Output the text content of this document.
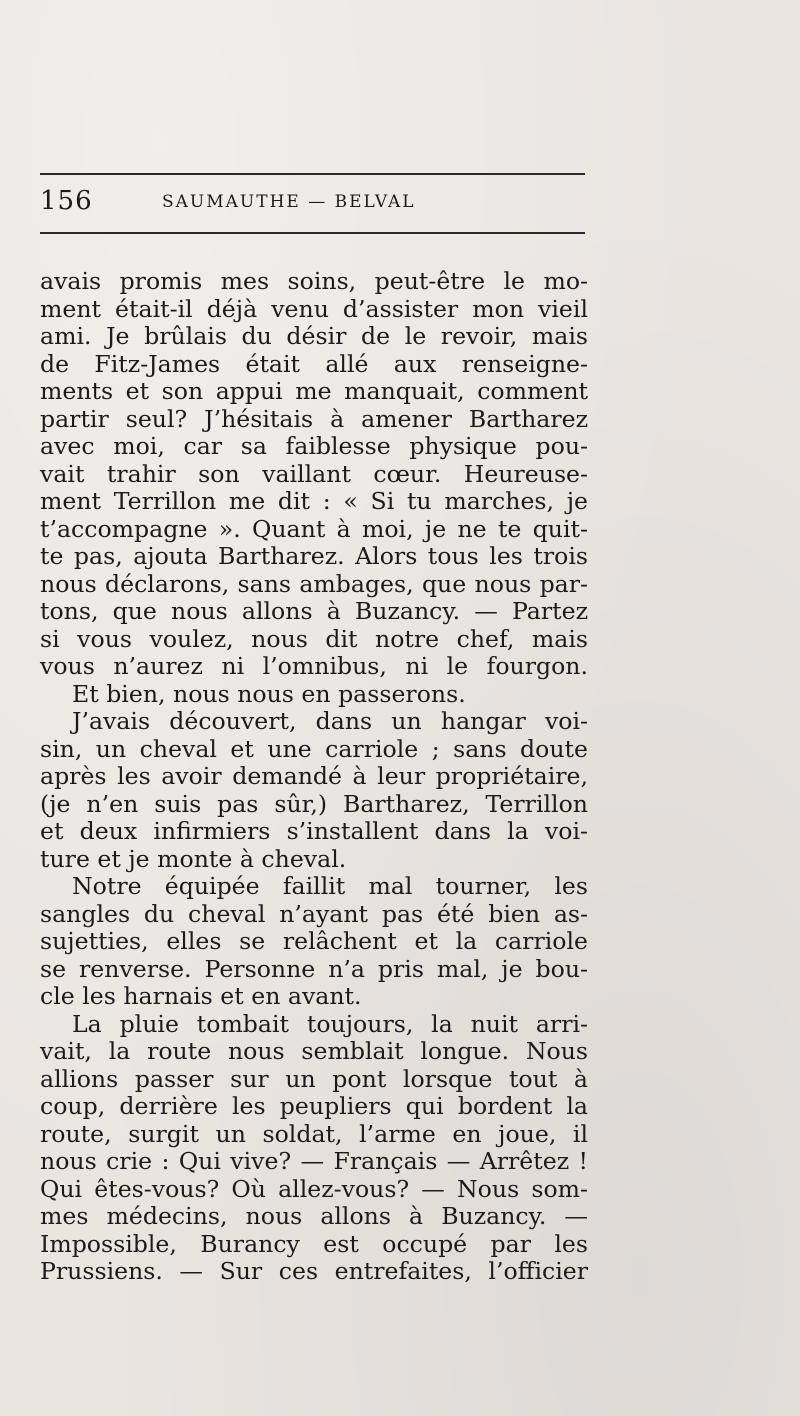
156	SAUMAUTHE — BELVAL
avais promis mes soins, peut-être le mo-
ment était-il déjà venu d’assister mon vieil
ami. Je brûlais du désir de le revoir, mais
de Fitz-James était allé aux renseigne-
ments et son appui me manquait, comment
partir seul? J’hésitais à amener Bartharez
avec moi, car sa faiblesse physique pou-
vait trahir son vaillant cœur. Heureuse-
ment Terrillon me dit : « Si tu marches, je
t’accompagne ». Quant à moi, je ne te quit-
te pas, ajouta Bartharez. Alors tous les trois
nous déclarons, sans ambages, que nous par-
tons, que nous allons à Buzancy. — Partez
si vous voulez, nous dit notre chef, mais
vous n’aurez ni l’omnibus, ni le fourgon.
Et bien, nous nous en passerons.
J’avais découvert, dans un hangar voi-
sin, un cheval et une carriole ; sans doute
après les avoir demandé à leur propriétaire,
(je n’en suis pas sûr,) Bartharez, Terrillon
et deux infirmiers s’installent dans la voi-
ture et je monte à cheval.
Notre équipée faillit mal tourner, les
sangles du cheval n’ayant pas été bien as-
sujetties, elles se relâchent et la carriole
se renverse. Personne n’a pris mal, je bou-
cle les harnais et en avant.
La pluie tombait toujours, la nuit arri-
vait, la route nous semblait longue. Nous
allions passer sur un pont lorsque tout à
coup, derrière les peupliers qui bordent la
route, surgit un soldat, l’arme en joue, il
nous crie : Qui vive? — Français — Arrêtez !
Qui êtes-vous? Où allez-vous? — Nous som-
mes médecins, nous allons à Buzancy. —
Impossible, Burancy est occupé par les
Prussiens. — Sur ces entrefaites, l’officier
